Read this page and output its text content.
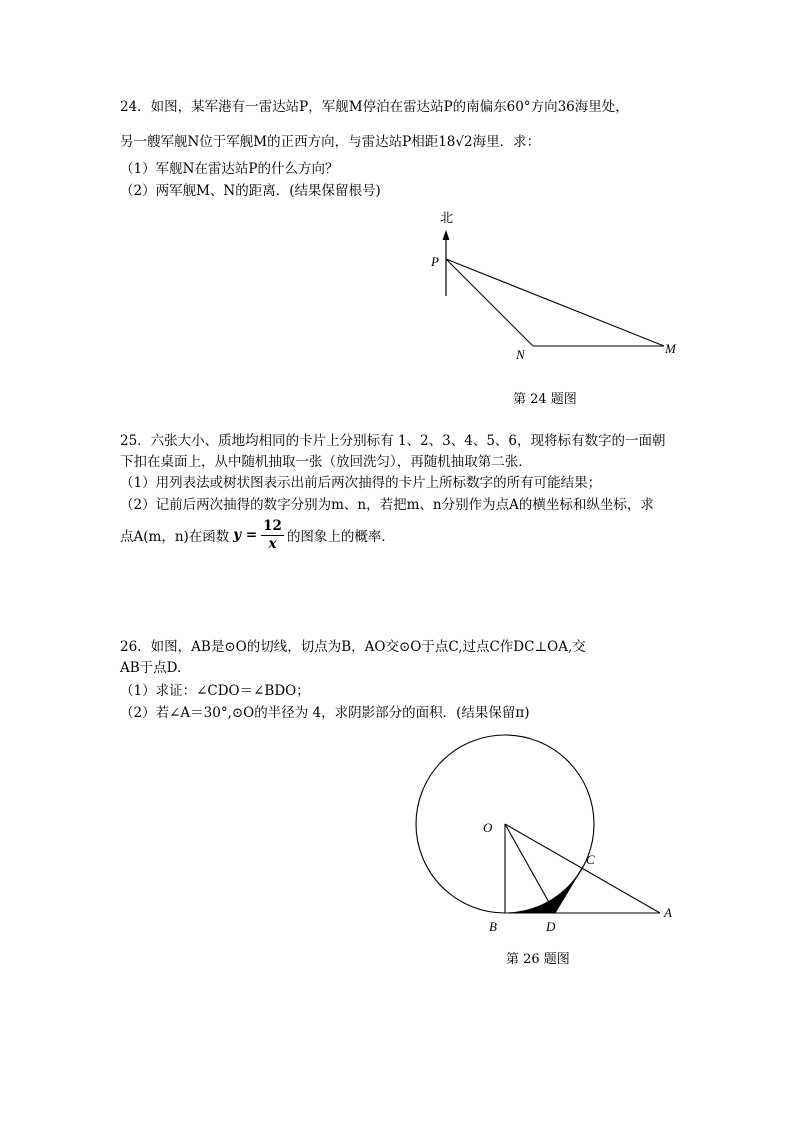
24．如图，某军港有一雷达站P，军舰M停泊在雷达站P的南偏东60°方向36海里处，
另一艘军舰N位于军舰M的正西方向，与雷达站P相距18√2海里．求：
（1）军舰N在雷达站P的什么方向？
（2）两军舰M、N的距离．(结果保留根号)
北
P
N	M
第 24 题图
25．六张大小、质地均相同的卡片上分别标有 1、2、3、4、5、6，现将标有数字的一面朝
下扣在桌面上，从中随机抽取一张（放回洗匀），再随机抽取第二张．
（1）用列表法或树状图表示出前后两次抽得的卡片上所标数字的所有可能结果；
（2）记前后两次抽得的数字分别为m、n，若把m、n分别作为点A的横坐标和纵坐标，求
点A(m，n)在函数 $y = \frac{12}{x}$ 的图象上的概率．
26．如图，AB是⊙O的切线，切点为B，AO交⊙O于点C,过点C作DC⊥OA,交
AB于点D.
（1）求证：∠CDO＝∠BDO；
（2）若∠A＝30°,⊙O的半径为 4，求阴影部分的面积．(结果保留π)
O
C
B	D
A
第 26 题图
